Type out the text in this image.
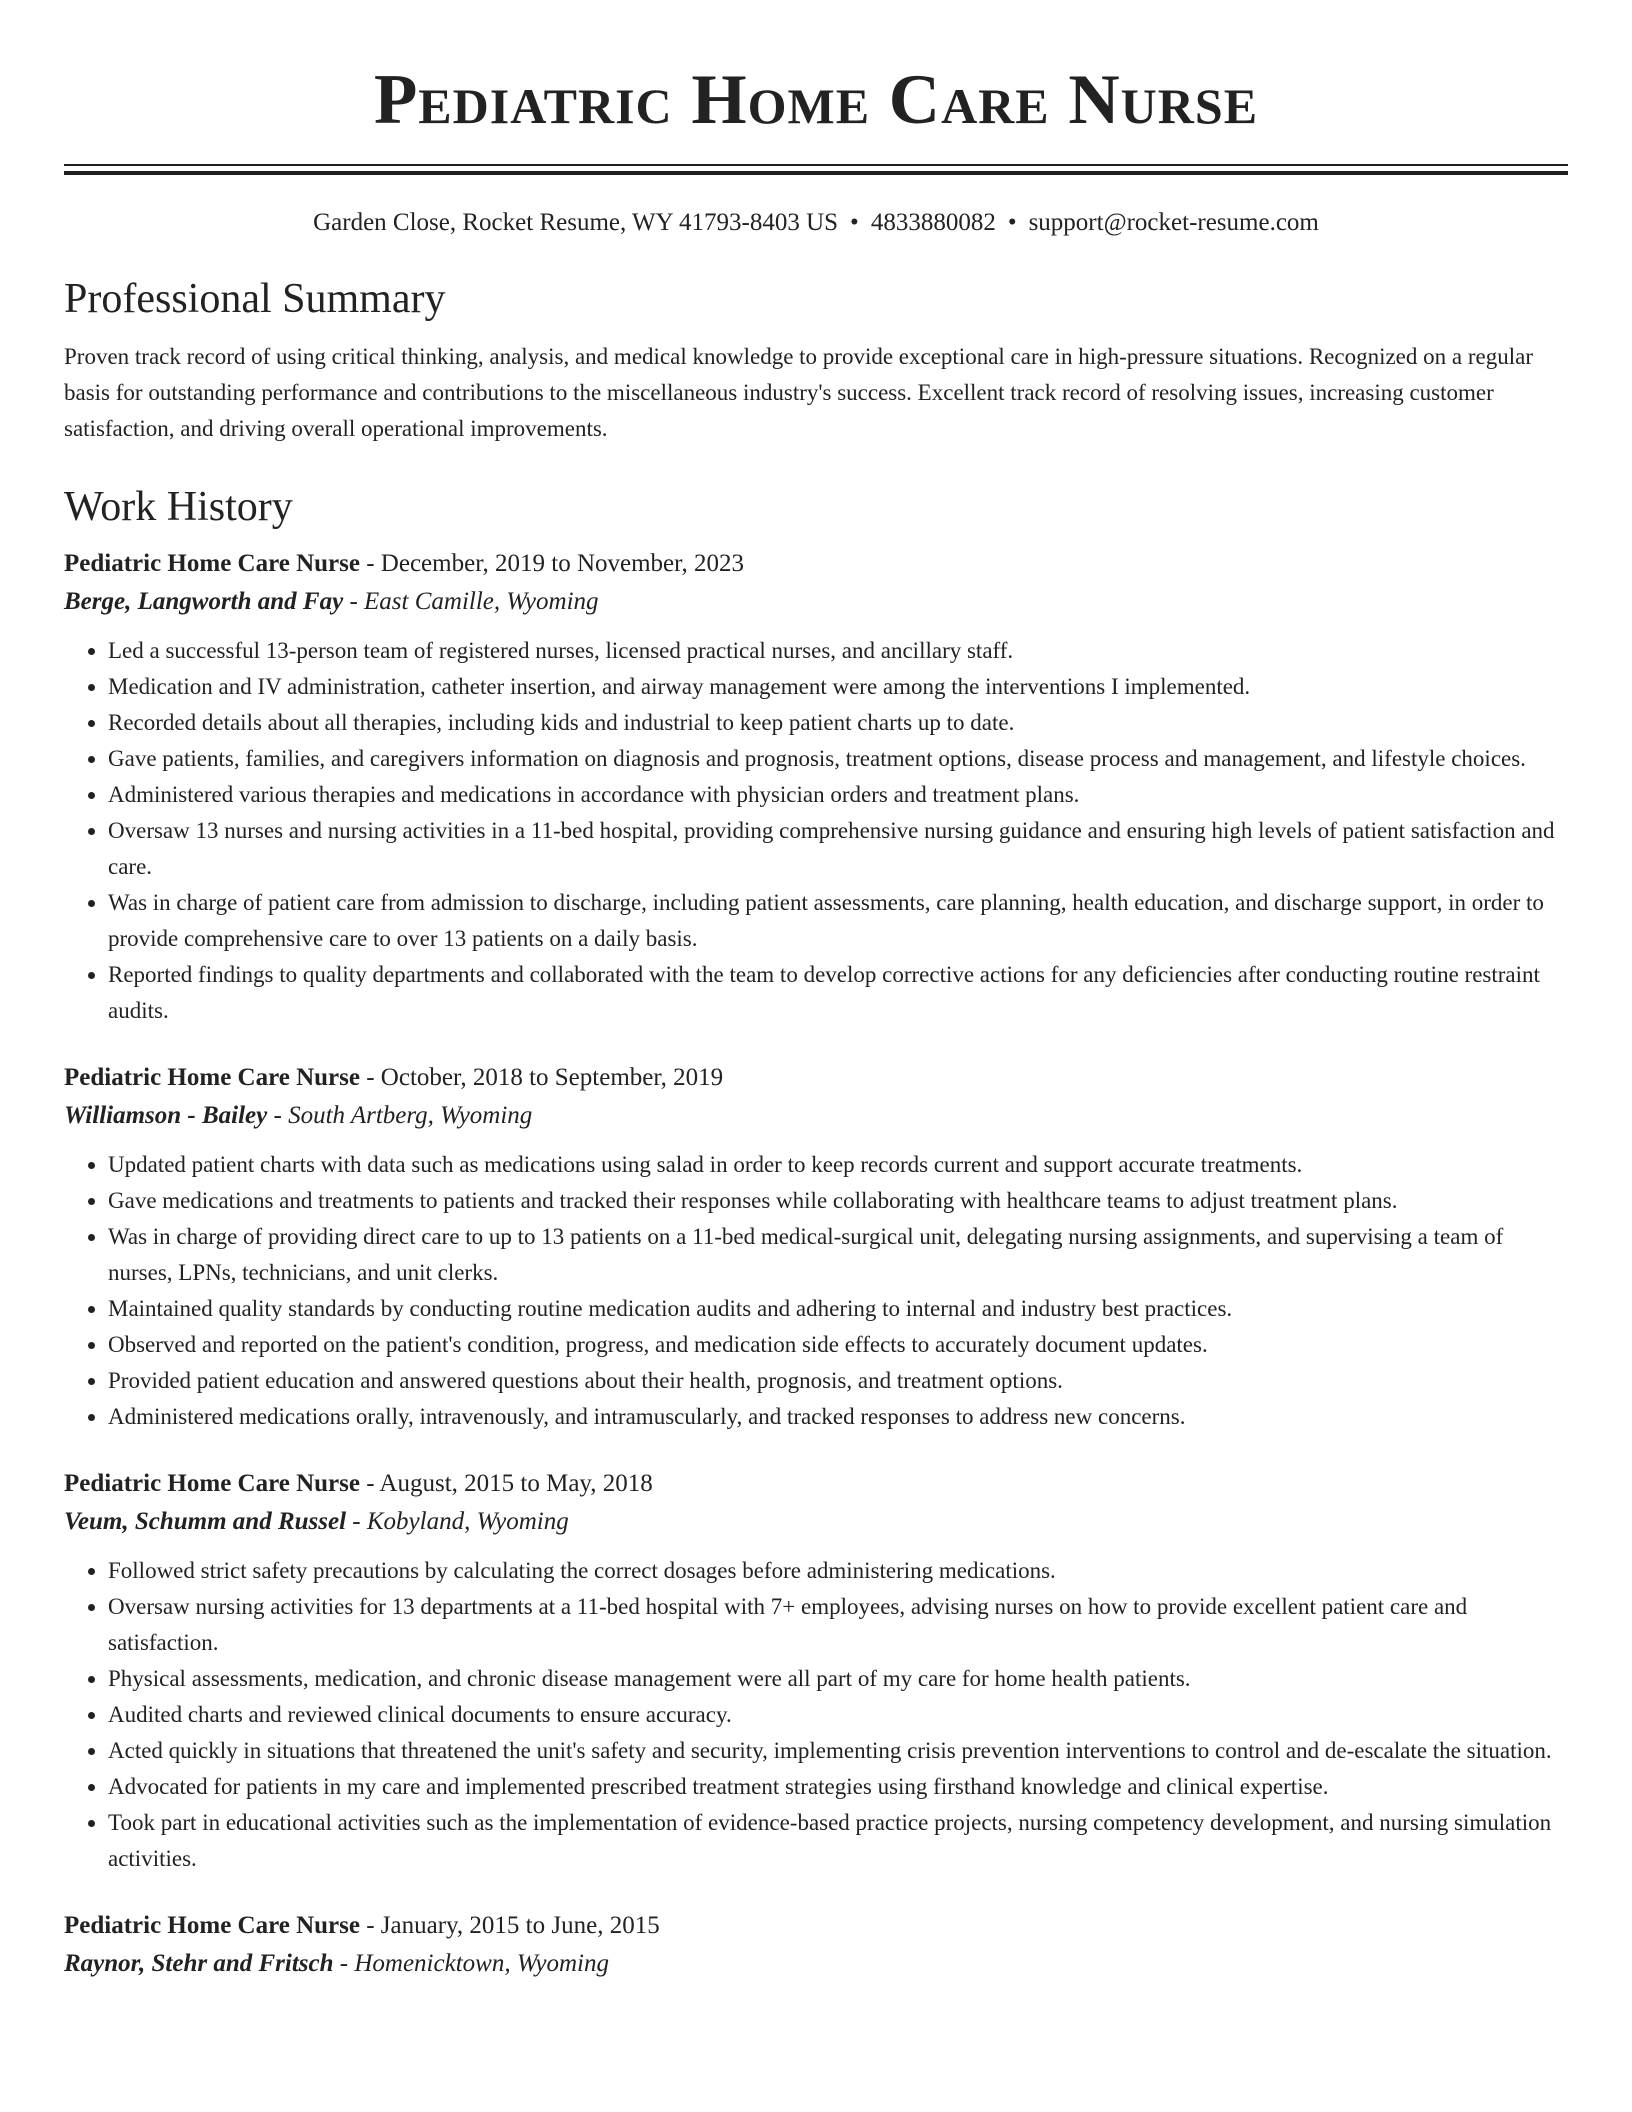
Pediatric Home Care Nurse
Garden Close, Rocket Resume, WY 41793-8403 US • 4833880082 • support@rocket-resume.com
Professional Summary

Proven track record of using critical thinking, analysis, and medical knowledge to provide exceptional care in high-pressure situations. Recognized on a regular basis for outstanding performance and contributions to the miscellaneous industry's success. Excellent track record of resolving issues, increasing customer satisfaction, and driving overall operational improvements.

Work History
Pediatric Home Care Nurse - December, 2019 to November, 2023
Berge, Langworth and Fay - East Camille, Wyoming
• Led a successful 13-person team of registered nurses, licensed practical nurses, and ancillary staff.
• Medication and IV administration, catheter insertion, and airway management were among the interventions I implemented.
• Recorded details about all therapies, including kids and industrial to keep patient charts up to date.
• Gave patients, families, and caregivers information on diagnosis and prognosis, treatment options, disease process and management, and lifestyle choices.
• Administered various therapies and medications in accordance with physician orders and treatment plans.
• Oversaw 13 nurses and nursing activities in a 11-bed hospital, providing comprehensive nursing guidance and ensuring high levels of patient satisfaction and care.
• Was in charge of patient care from admission to discharge, including patient assessments, care planning, health education, and discharge support, in order to provide comprehensive care to over 13 patients on a daily basis.
• Reported findings to quality departments and collaborated with the team to develop corrective actions for any deficiencies after conducting routine restraint audits.
Pediatric Home Care Nurse - October, 2018 to September, 2019
Williamson - Bailey - South Artberg, Wyoming
• Updated patient charts with data such as medications using salad in order to keep records current and support accurate treatments.
• Gave medications and treatments to patients and tracked their responses while collaborating with healthcare teams to adjust treatment plans.
• Was in charge of providing direct care to up to 13 patients on a 11-bed medical-surgical unit, delegating nursing assignments, and supervising a team of nurses, LPNs, technicians, and unit clerks.
• Maintained quality standards by conducting routine medication audits and adhering to internal and industry best practices.
• Observed and reported on the patient's condition, progress, and medication side effects to accurately document updates.
• Provided patient education and answered questions about their health, prognosis, and treatment options.
• Administered medications orally, intravenously, and intramuscularly, and tracked responses to address new concerns.
Pediatric Home Care Nurse - August, 2015 to May, 2018
Veum, Schumm and Russel - Kobyland, Wyoming
• Followed strict safety precautions by calculating the correct dosages before administering medications.
• Oversaw nursing activities for 13 departments at a 11-bed hospital with 7+ employees, advising nurses on how to provide excellent patient care and satisfaction.
• Physical assessments, medication, and chronic disease management were all part of my care for home health patients.
• Audited charts and reviewed clinical documents to ensure accuracy.
• Acted quickly in situations that threatened the unit's safety and security, implementing crisis prevention interventions to control and de-escalate the situation.
• Advocated for patients in my care and implemented prescribed treatment strategies using firsthand knowledge and clinical expertise.
• Took part in educational activities such as the implementation of evidence-based practice projects, nursing competency development, and nursing simulation activities.
Pediatric Home Care Nurse - January, 2015 to June, 2015
Raynor, Stehr and Fritsch - Homenicktown, Wyoming
